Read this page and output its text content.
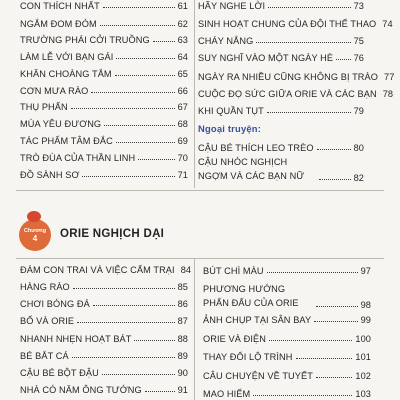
CON THÍCH NHẤT	61
NGẮM ĐOM ĐÓM	62
TRƯỜNG PHÁI CỞI TRUỒNG	63
LÀM LỄ VỚI BẠN GÁI	64
KHĂN CHOÀNG TẮM	65
CƠN MƯA RÀO	66
THỤ PHẤN	67
MÙA YÊU ĐƯƠNG	68
TÁC PHẨM TÂM ĐẮC	69
TRÒ ĐÙA CỦA THẦN LINH	70
ĐỒ SÀNH SƠ	71
HÃY NGHE LỜI	73
SINH HOẠT CHUNG CỦA ĐỘI THỂ THAO 74
CHÁY NẮNG	75
SUY NGHĨ VÀO MỘT NGÀY HÈ 76
NGÀY RA NHIỀU CŨNG KHÔNG BỊ TRÀO 77
CUỘC ĐỌ SỨC GIỮA ORIE VÀ CÁC BẠN 78
KHI QUẦN TỤT	79
Ngoại truyện:
CẬU BÉ THÍCH LEO TRÈO	80
CẬU NHÓC NGHỊCH NGỢM VÀ CÁC BẠN NỮ	82
Chương
4 ORIE NGHỊCH DẠI
ĐÁM CON TRAI VÀ VIỆC CẤM TRẠI 84
HÀNG RÀO	85
CHƠI BÓNG ĐÁ	86
BỐ VÀ ORIE	87
NHANH NHẸN HOẠT BÁT	88
BÉ BẮT CÁ	89
CẬU BÉ BỘT ĐẬU	90
NHÀ CÓ NĂM ÔNG TƯỚNG	91
BÚT CHÌ MÀU	97
PHƯƠNG HƯỚNG PHẤN ĐẤU CỦA ORIE	98
ẢNH CHỤP TẠI SÂN BAY	99
ORIE VÀ ĐIỆN	100
THAY ĐỔI LỘ TRÌNH	101
CÂU CHUYỆN VỀ TUYẾT	102
MAO HIỂM	103
